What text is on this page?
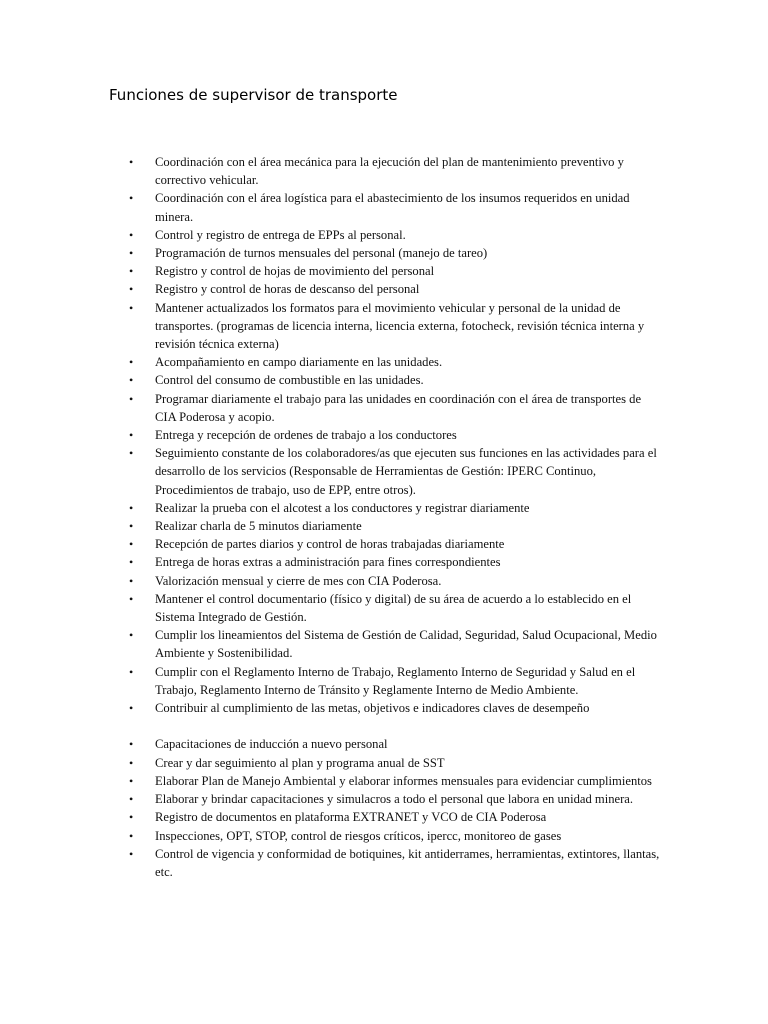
Funciones de supervisor de transporte
• Coordinación con el área mecánica para la ejecución del plan de mantenimiento preventivo y correctivo vehicular.
• Coordinación con el área logística para el abastecimiento de los insumos requeridos en unidad minera.
• Control y registro de entrega de EPPs al personal.
• Programación de turnos mensuales del personal (manejo de tareo)
• Registro y control de hojas de movimiento del personal
• Registro y control de horas de descanso del personal
• Mantener actualizados los formatos para el movimiento vehicular y personal de la unidad de transportes. (programas de licencia interna, licencia externa, fotocheck, revisión técnica interna y revisión técnica externa)
• Acompañamiento en campo diariamente en las unidades.
• Control del consumo de combustible en las unidades.
• Programar diariamente el trabajo para las unidades en coordinación con el área de transportes de CIA Poderosa y acopio.
• Entrega y recepción de ordenes de trabajo a los conductores
• Seguimiento constante de los colaboradores/as que ejecuten sus funciones en las actividades para el desarrollo de los servicios (Responsable de Herramientas de Gestión: IPERC Continuo, Procedimientos de trabajo, uso de EPP, entre otros).
• Realizar la prueba con el alcotest a los conductores y registrar diariamente
• Realizar charla de 5 minutos diariamente
• Recepción de partes diarios y control de horas trabajadas diariamente
• Entrega de horas extras a administración para fines correspondientes
• Valorización mensual y cierre de mes con CIA Poderosa.
• Mantener el control documentario (físico y digital) de su área de acuerdo a lo establecido en el Sistema Integrado de Gestión.
• Cumplir los lineamientos del Sistema de Gestión de Calidad, Seguridad, Salud Ocupacional, Medio Ambiente y Sostenibilidad.
• Cumplir con el Reglamento Interno de Trabajo, Reglamento Interno de Seguridad y Salud en el Trabajo, Reglamento Interno de Tránsito y Reglamente Interno de Medio Ambiente.
• Contribuir al cumplimiento de las metas, objetivos e indicadores claves de desempeño
• Capacitaciones de inducción a nuevo personal
• Crear y dar seguimiento al plan y programa anual de SST
• Elaborar Plan de Manejo Ambiental y elaborar informes mensuales para evidenciar cumplimientos
• Elaborar y brindar capacitaciones y simulacros a todo el personal que labora en unidad minera.
• Registro de documentos en plataforma EXTRANET y VCO de CIA Poderosa
• Inspecciones, OPT, STOP, control de riesgos críticos, ipercc, monitoreo de gases
• Control de vigencia y conformidad de botiquines, kit antiderrames, herramientas, extintores, llantas, etc.
